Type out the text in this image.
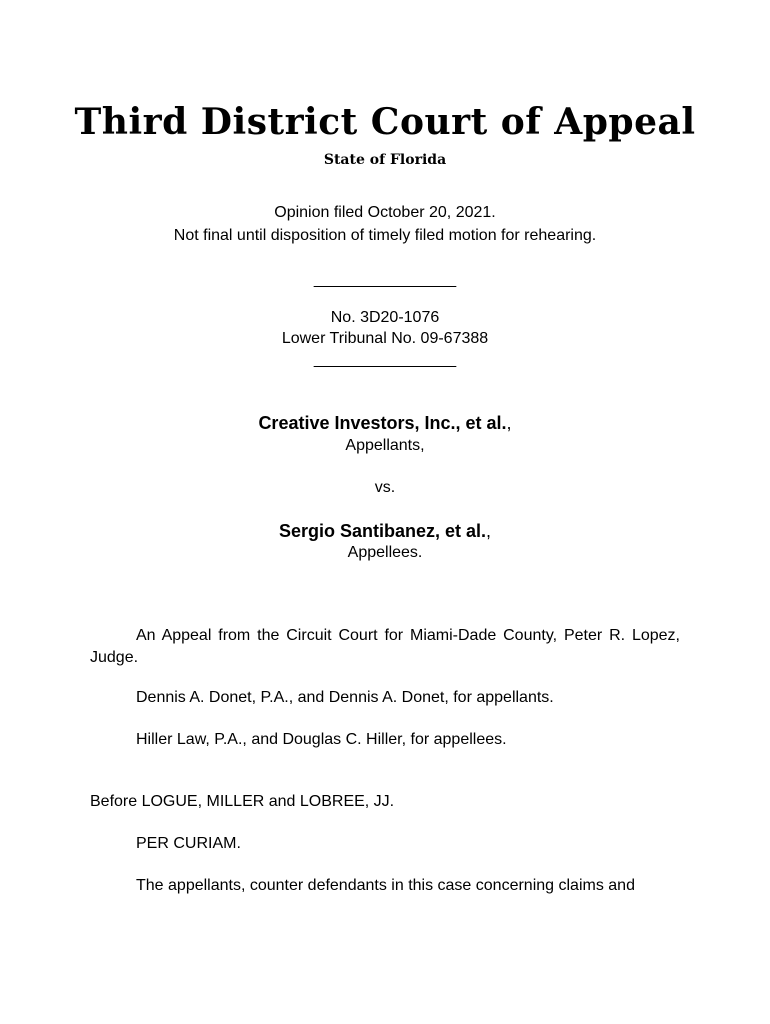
Third District Court of Appeal
State of Florida
Opinion filed October 20, 2021.
Not final until disposition of timely filed motion for rehearing.
________________
No. 3D20-1076
Lower Tribunal No. 09-67388
________________
Creative Investors, Inc., et al.,
Appellants,
vs.
Sergio Santibanez, et al.,
Appellees.
An Appeal from the Circuit Court for Miami-Dade County, Peter R. Lopez, Judge.
Dennis A. Donet, P.A., and Dennis A. Donet, for appellants.
Hiller Law, P.A., and Douglas C. Hiller, for appellees.
Before LOGUE, MILLER and LOBREE, JJ.
PER CURIAM.
The appellants, counter defendants in this case concerning claims and
